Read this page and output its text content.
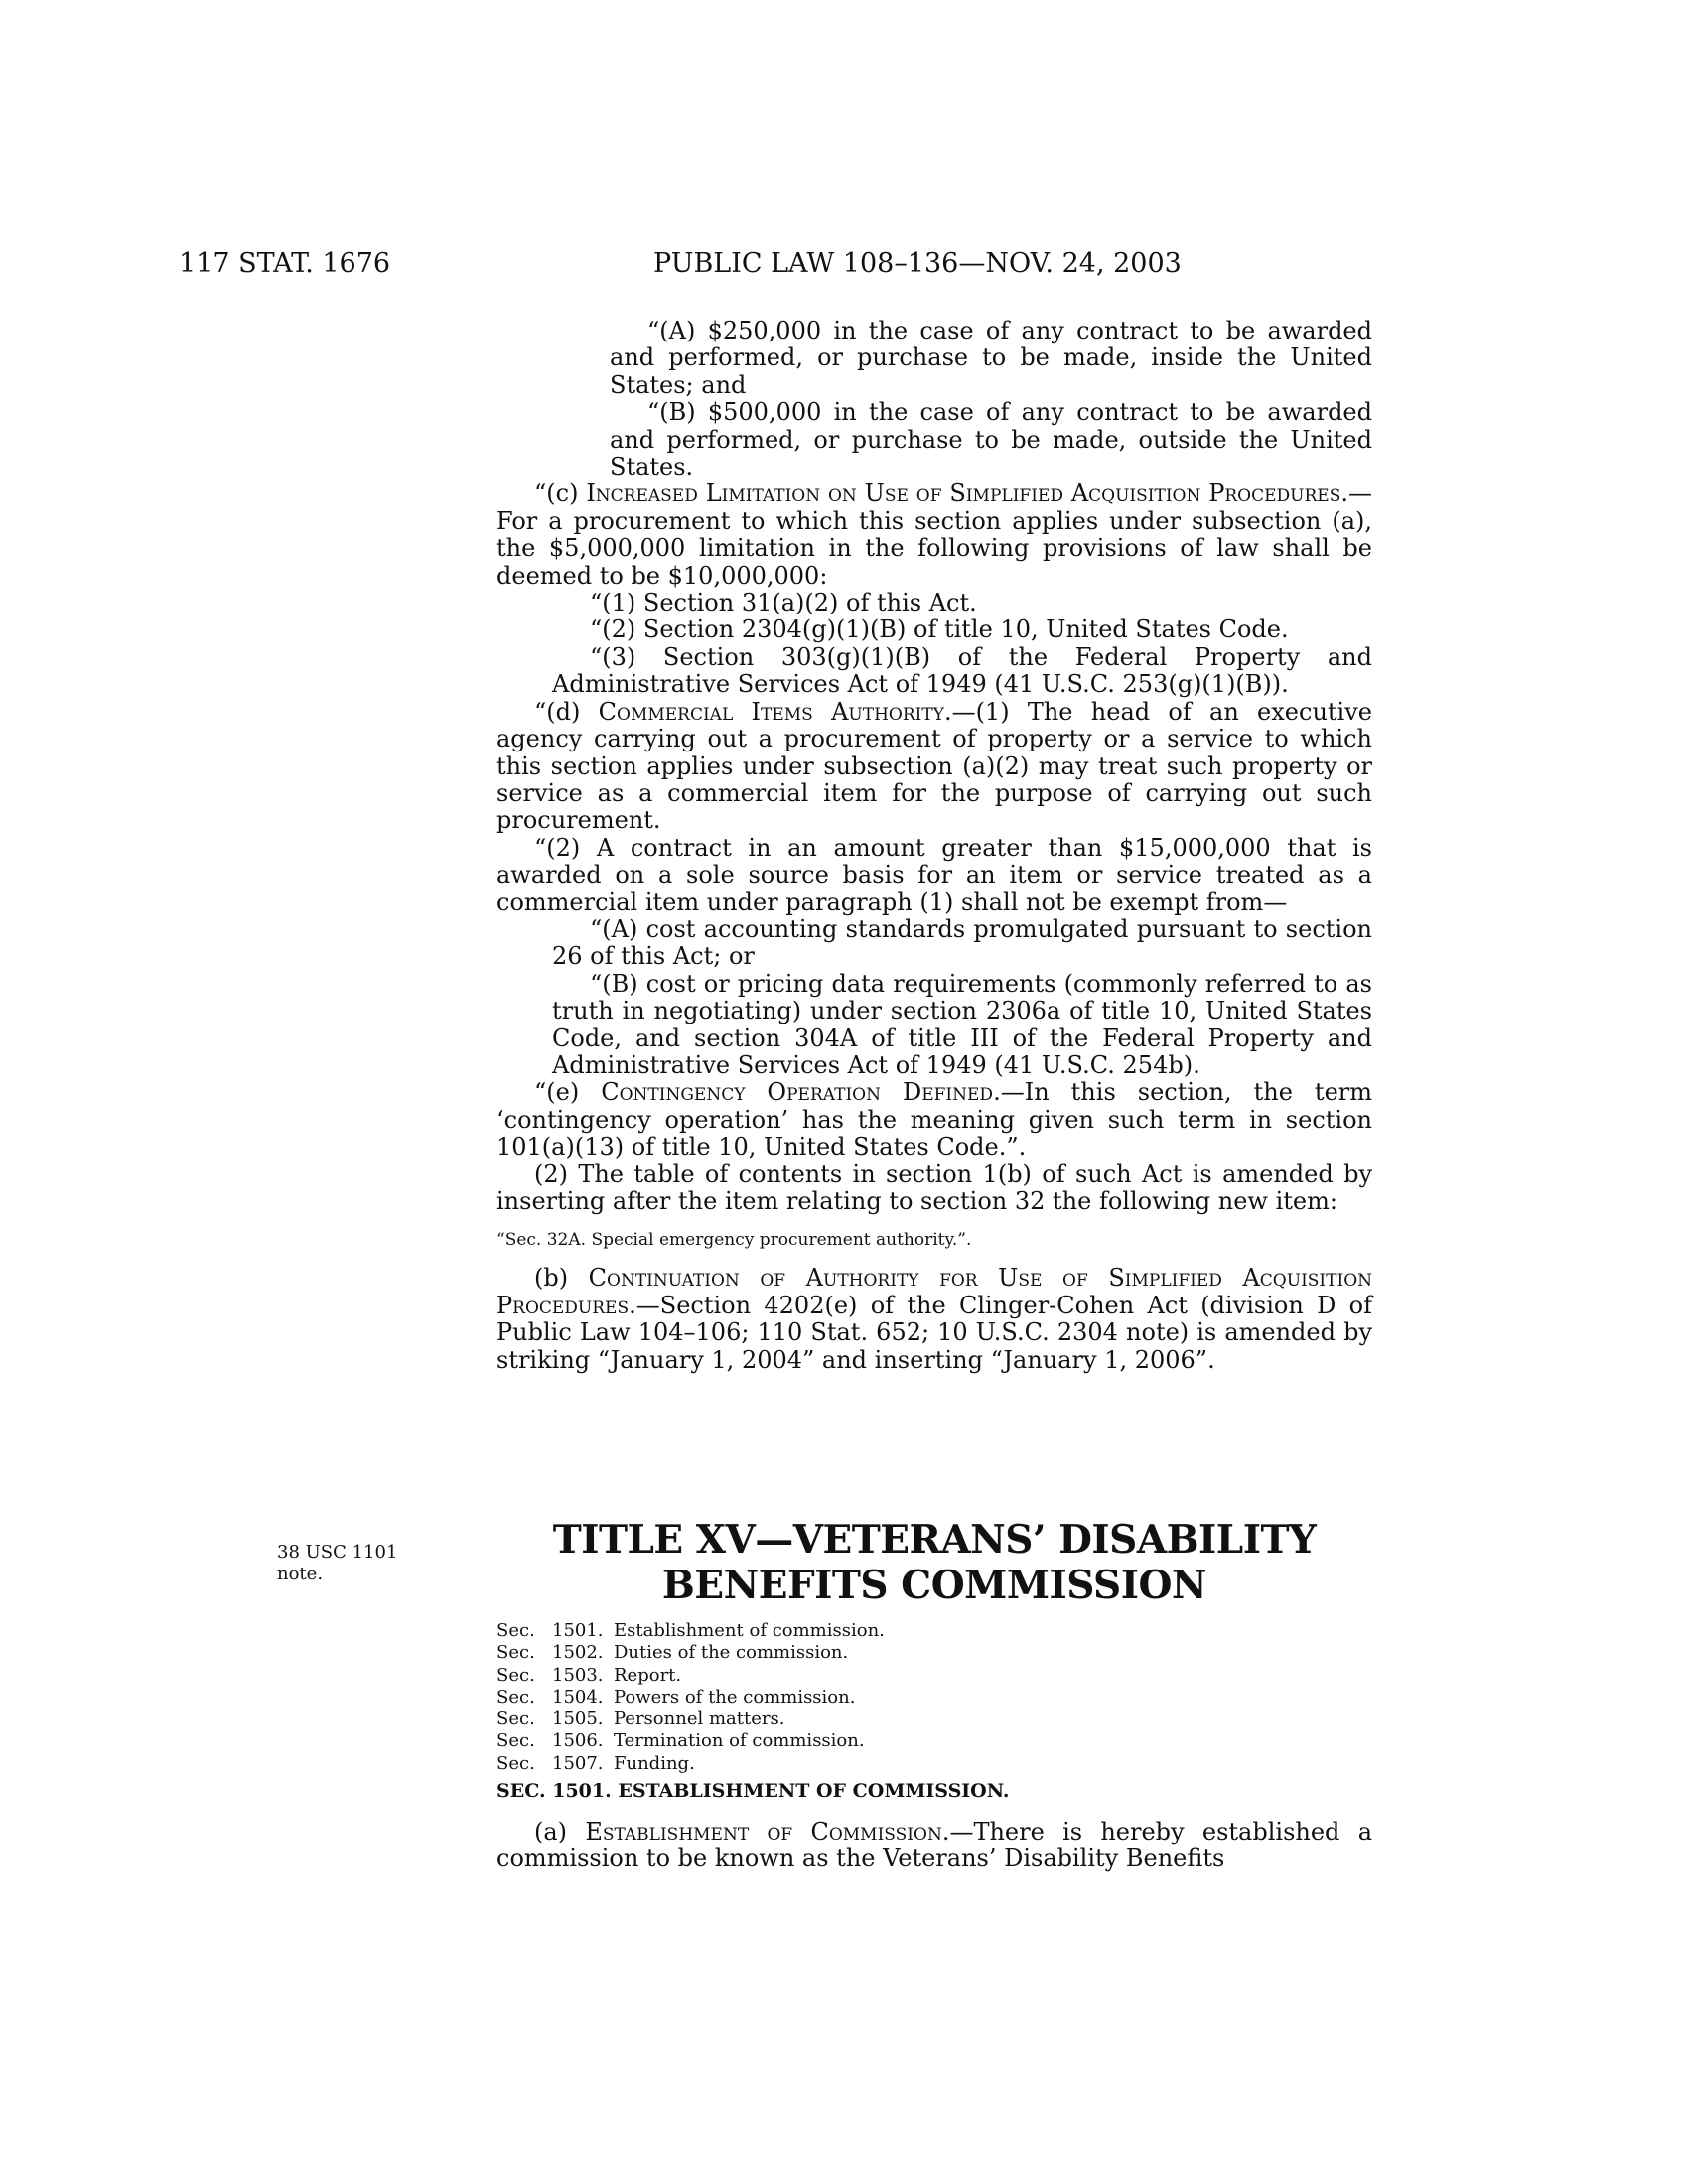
117 STAT. 1676	PUBLIC LAW 108–136—NOV. 24, 2003

“(A) $250,000 in the case of any contract to be awarded and performed, or purchase to be made, inside the United States; and

“(B) $500,000 in the case of any contract to be awarded and performed, or purchase to be made, outside the United States.

“(c) Increased Limitation on Use of Simplified Acquisition Procedures.—For a procurement to which this section applies under subsection (a), the $5,000,000 limitation in the following provisions of law shall be deemed to be $10,000,000:

“(1) Section 31(a)(2) of this Act.

“(2) Section 2304(g)(1)(B) of title 10, United States Code.

“(3) Section 303(g)(1)(B) of the Federal Property and Administrative Services Act of 1949 (41 U.S.C. 253(g)(1)(B)).

“(d) Commercial Items Authority.—(1) The head of an executive agency carrying out a procurement of property or a service to which this section applies under subsection (a)(2) may treat such property or service as a commercial item for the purpose of carrying out such procurement.

“(2) A contract in an amount greater than $15,000,000 that is awarded on a sole source basis for an item or service treated as a commercial item under paragraph (1) shall not be exempt from—

“(A) cost accounting standards promulgated pursuant to section 26 of this Act; or

“(B) cost or pricing data requirements (commonly referred to as truth in negotiating) under section 2306a of title 10, United States Code, and section 304A of title III of the Federal Property and Administrative Services Act of 1949 (41 U.S.C. 254b).

“(e) Contingency Operation Defined.—In this section, the term ‘contingency operation’ has the meaning given such term in section 101(a)(13) of title 10, United States Code.”.

(2) The table of contents in section 1(b) of such Act is amended by inserting after the item relating to section 32 the following new item:

“Sec. 32A. Special emergency procurement authority.”.

(b) Continuation of Authority for Use of Simplified Acquisition Procedures.—Section 4202(e) of the Clinger-Cohen Act (division D of Public Law 104–106; 110 Stat. 652; 10 U.S.C. 2304 note) is amended by striking “January 1, 2004” and inserting “January 1, 2006”.

38 USC 1101
note.
TITLE XV—VETERANS’ DISABILITY
BENEFITS COMMISSION
Sec. 1501. Establishment of commission.
Sec. 1502. Duties of the commission.
Sec. 1503. Report.
Sec. 1504. Powers of the commission.
Sec. 1505. Personnel matters.
Sec. 1506. Termination of commission.
Sec. 1507. Funding.
SEC. 1501. ESTABLISHMENT OF COMMISSION.

(a) Establishment of Commission.—There is hereby established a commission to be known as the Veterans’ Disability Benefits
